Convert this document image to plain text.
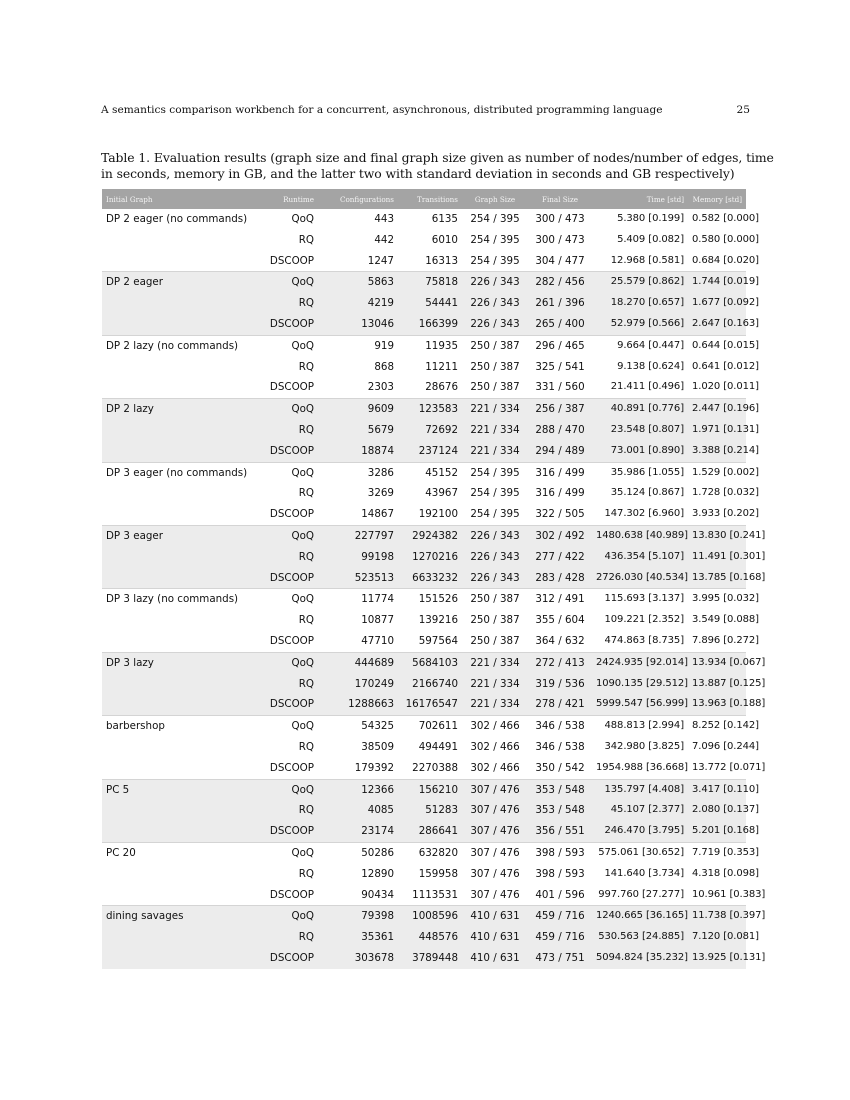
A semantics comparison workbench for a concurrent, asynchronous, distributed programming language	25
Table 1. Evaluation results (graph size and final graph size given as number of nodes/number of edges, time
in seconds, memory in GB, and the latter two with standard deviation in seconds and GB respectively)
Initial Graph	Runtime	Configurations	Transitions	Graph Size	Final Size	Time [std]	Memory [std]
DP 2 eager (no commands)	QoQ	443	6135	254 / 395	300 / 473	5.380 [0.199]	0.582 [0.000]
	RQ	442	6010	254 / 395	300 / 473	5.409 [0.082]	0.580 [0.000]
	DSCOOP	1247	16313	254 / 395	304 / 477	12.968 [0.581]	0.684 [0.020]
DP 2 eager	QoQ	5863	75818	226 / 343	282 / 456	25.579 [0.862]	1.744 [0.019]
	RQ	4219	54441	226 / 343	261 / 396	18.270 [0.657]	1.677 [0.092]
	DSCOOP	13046	166399	226 / 343	265 / 400	52.979 [0.566]	2.647 [0.163]
DP 2 lazy (no commands)	QoQ	919	11935	250 / 387	296 / 465	9.664 [0.447]	0.644 [0.015]
	RQ	868	11211	250 / 387	325 / 541	9.138 [0.624]	0.641 [0.012]
	DSCOOP	2303	28676	250 / 387	331 / 560	21.411 [0.496]	1.020 [0.011]
DP 2 lazy	QoQ	9609	123583	221 / 334	256 / 387	40.891 [0.776]	2.447 [0.196]
	RQ	5679	72692	221 / 334	288 / 470	23.548 [0.807]	1.971 [0.131]
	DSCOOP	18874	237124	221 / 334	294 / 489	73.001 [0.890]	3.388 [0.214]
DP 3 eager (no commands)	QoQ	3286	45152	254 / 395	316 / 499	35.986 [1.055]	1.529 [0.002]
	RQ	3269	43967	254 / 395	316 / 499	35.124 [0.867]	1.728 [0.032]
	DSCOOP	14867	192100	254 / 395	322 / 505	147.302 [6.960]	3.933 [0.202]
DP 3 eager	QoQ	227797	2924382	226 / 343	302 / 492	1480.638 [40.989]	13.830 [0.241]
	RQ	99198	1270216	226 / 343	277 / 422	436.354 [5.107]	11.491 [0.301]
	DSCOOP	523513	6633232	226 / 343	283 / 428	2726.030 [40.534]	13.785 [0.168]
DP 3 lazy (no commands)	QoQ	11774	151526	250 / 387	312 / 491	115.693 [3.137]	3.995 [0.032]
	RQ	10877	139216	250 / 387	355 / 604	109.221 [2.352]	3.549 [0.088]
	DSCOOP	47710	597564	250 / 387	364 / 632	474.863 [8.735]	7.896 [0.272]
DP 3 lazy	QoQ	444689	5684103	221 / 334	272 / 413	2424.935 [92.014]	13.934 [0.067]
	RQ	170249	2166740	221 / 334	319 / 536	1090.135 [29.512]	13.887 [0.125]
	DSCOOP	1288663	16176547	221 / 334	278 / 421	5999.547 [56.999]	13.963 [0.188]
barbershop	QoQ	54325	702611	302 / 466	346 / 538	488.813 [2.994]	8.252 [0.142]
	RQ	38509	494491	302 / 466	346 / 538	342.980 [3.825]	7.096 [0.244]
	DSCOOP	179392	2270388	302 / 466	350 / 542	1954.988 [36.668]	13.772 [0.071]
PC 5	QoQ	12366	156210	307 / 476	353 / 548	135.797 [4.408]	3.417 [0.110]
	RQ	4085	51283	307 / 476	353 / 548	45.107 [2.377]	2.080 [0.137]
	DSCOOP	23174	286641	307 / 476	356 / 551	246.470 [3.795]	5.201 [0.168]
PC 20	QoQ	50286	632820	307 / 476	398 / 593	575.061 [30.652]	7.719 [0.353]
	RQ	12890	159958	307 / 476	398 / 593	141.640 [3.734]	4.318 [0.098]
	DSCOOP	90434	1113531	307 / 476	401 / 596	997.760 [27.277]	10.961 [0.383]
dining savages	QoQ	79398	1008596	410 / 631	459 / 716	1240.665 [36.165]	11.738 [0.397]
	RQ	35361	448576	410 / 631	459 / 716	530.563 [24.885]	7.120 [0.081]
	DSCOOP	303678	3789448	410 / 631	473 / 751	5094.824 [35.232]	13.925 [0.131]
